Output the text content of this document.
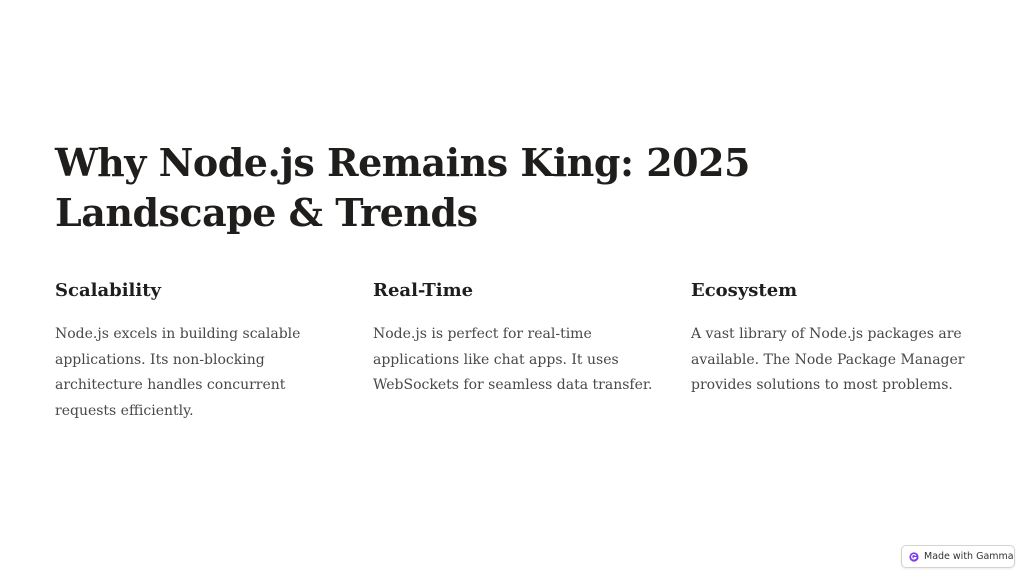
Why Node.js Remains King: 2025 Landscape & Trends
Scalability

Node.js excels in building scalable applications. Its non-blocking architecture handles concurrent requests efficiently.

Real-Time

Node.js is perfect for real-time applications like chat apps. It uses WebSockets for seamless data transfer.

Ecosystem

A vast library of Node.js packages are available. The Node Package Manager provides solutions to most problems.

Made with Gamma
